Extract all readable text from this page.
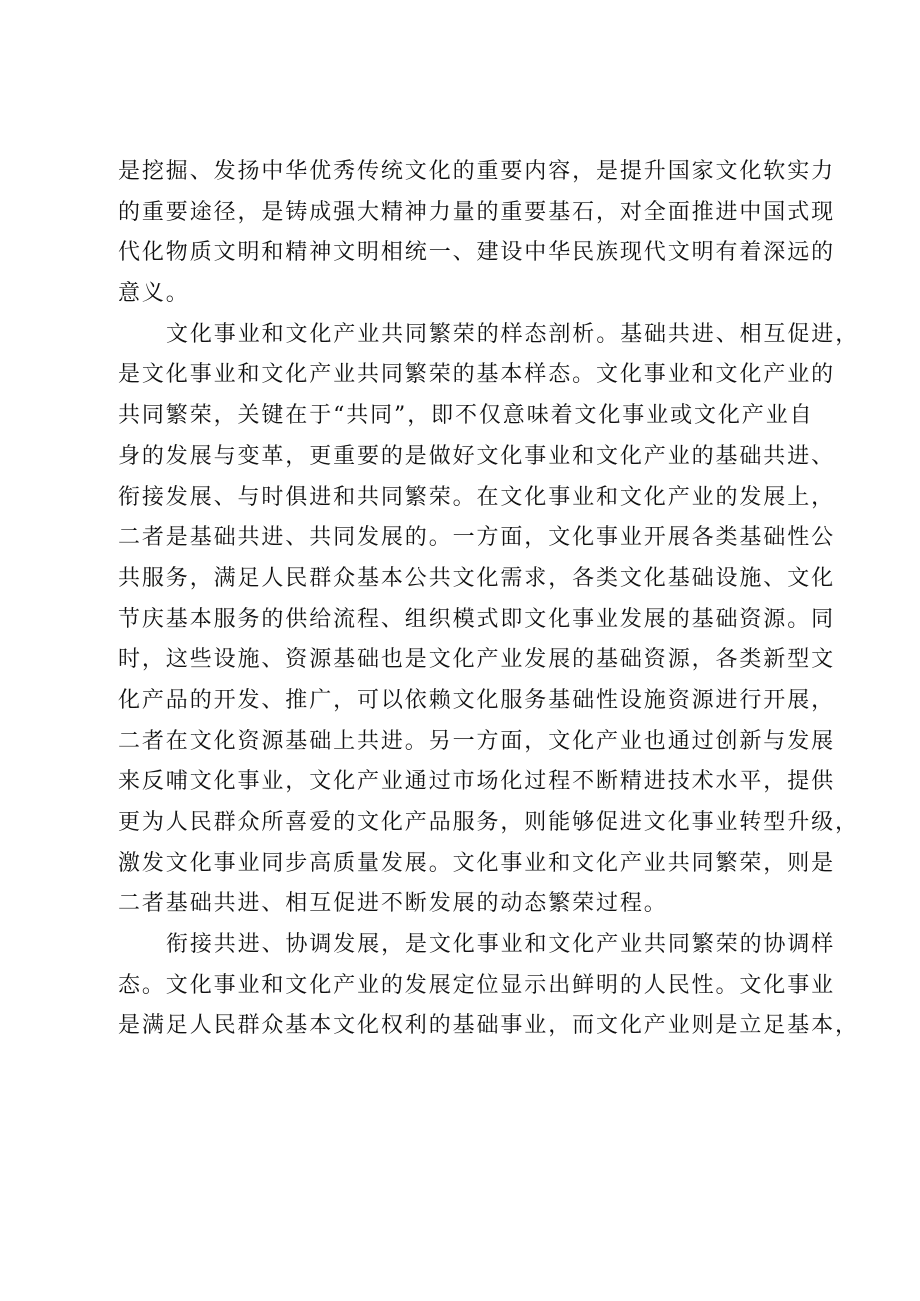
是挖掘、发扬中华优秀传统文化的重要内容，是提升国家文化软实力
的重要途径，是铸成强大精神力量的重要基石，对全面推进中国式现
代化物质文明和精神文明相统一、建设中华民族现代文明有着深远的
意义。
文化事业和文化产业共同繁荣的样态剖析。基础共进、相互促进，
是文化事业和文化产业共同繁荣的基本样态。文化事业和文化产业的
共同繁荣，关键在于“共同”，即不仅意味着文化事业或文化产业自
身的发展与变革，更重要的是做好文化事业和文化产业的基础共进、
衔接发展、与时俱进和共同繁荣。在文化事业和文化产业的发展上，
二者是基础共进、共同发展的。一方面，文化事业开展各类基础性公
共服务，满足人民群众基本公共文化需求，各类文化基础设施、文化
节庆基本服务的供给流程、组织模式即文化事业发展的基础资源。同
时，这些设施、资源基础也是文化产业发展的基础资源，各类新型文
化产品的开发、推广，可以依赖文化服务基础性设施资源进行开展，
二者在文化资源基础上共进。另一方面，文化产业也通过创新与发展
来反哺文化事业，文化产业通过市场化过程不断精进技术水平，提供
更为人民群众所喜爱的文化产品服务，则能够促进文化事业转型升级，
激发文化事业同步高质量发展。文化事业和文化产业共同繁荣，则是
二者基础共进、相互促进不断发展的动态繁荣过程。
衔接共进、协调发展，是文化事业和文化产业共同繁荣的协调样
态。文化事业和文化产业的发展定位显示出鲜明的人民性。文化事业
是满足人民群众基本文化权利的基础事业，而文化产业则是立足基本，
